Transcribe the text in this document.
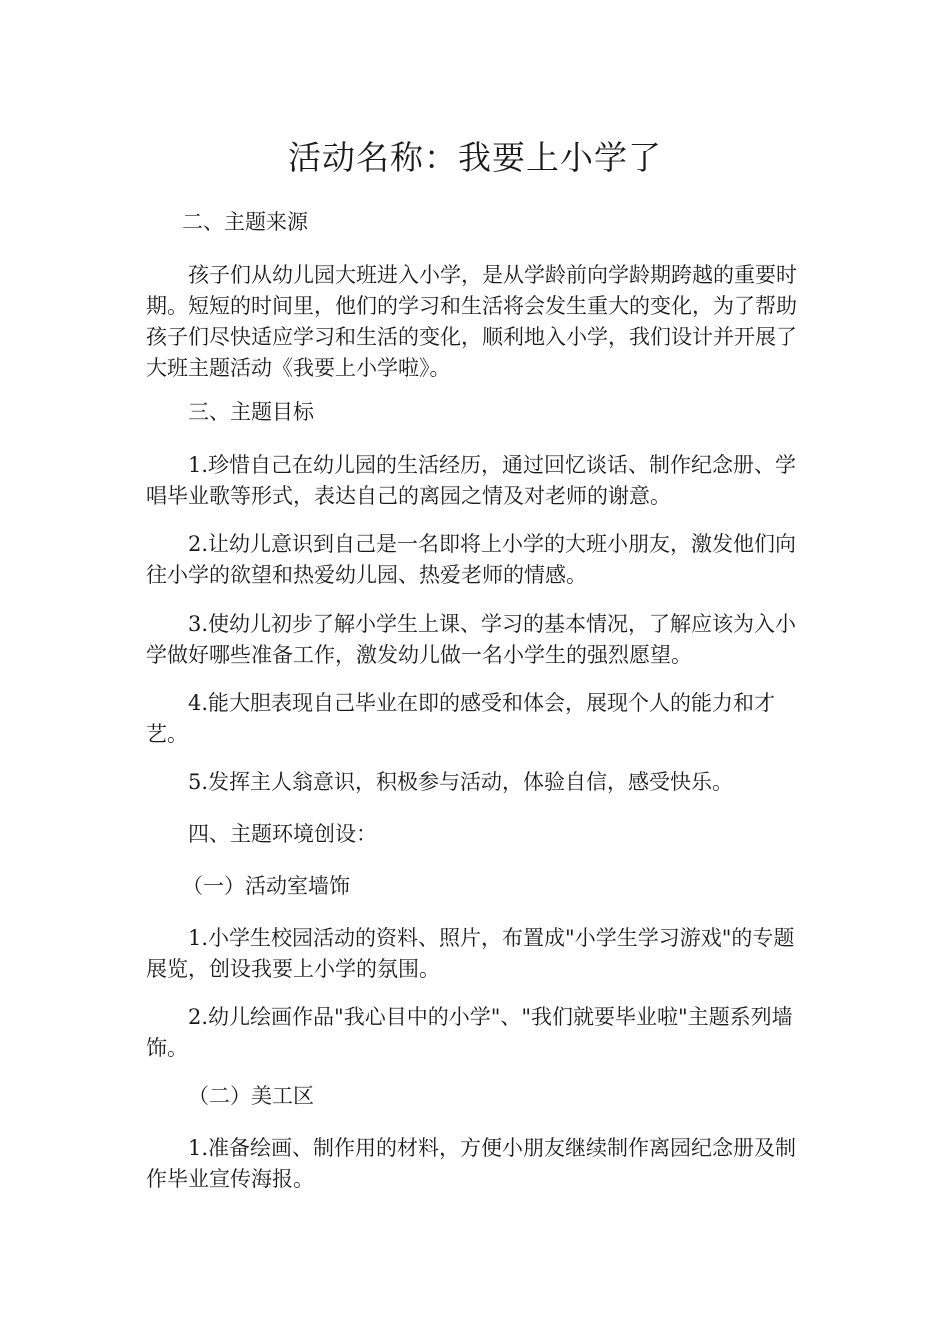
活动名称：我要上小学了

二、主题来源

孩子们从幼儿园大班进入小学，是从学龄前向学龄期跨越的重要时期。短短的时间里，他们的学习和生活将会发生重大的变化，为了帮助孩子们尽快适应学习和生活的变化，顺利地入小学，我们设计并开展了大班主题活动《我要上小学啦》。

三、主题目标

1.珍惜自己在幼儿园的生活经历，通过回忆谈话、制作纪念册、学唱毕业歌等形式，表达自己的离园之情及对老师的谢意。

2.让幼儿意识到自己是一名即将上小学的大班小朋友，激发他们向往小学的欲望和热爱幼儿园、热爱老师的情感。

3.使幼儿初步了解小学生上课、学习的基本情况，了解应该为入小学做好哪些准备工作，激发幼儿做一名小学生的强烈愿望。

4.能大胆表现自己毕业在即的感受和体会，展现个人的能力和才艺。

5.发挥主人翁意识，积极参与活动，体验自信，感受快乐。

四、主题环境创设：

（一）活动室墙饰

1.小学生校园活动的资料、照片，布置成"小学生学习游戏"的专题展览，创设我要上小学的氛围。

2.幼儿绘画作品"我心目中的小学"、"我们就要毕业啦"主题系列墙饰。

（二）美工区

1.准备绘画、制作用的材料，方便小朋友继续制作离园纪念册及制作毕业宣传海报。
